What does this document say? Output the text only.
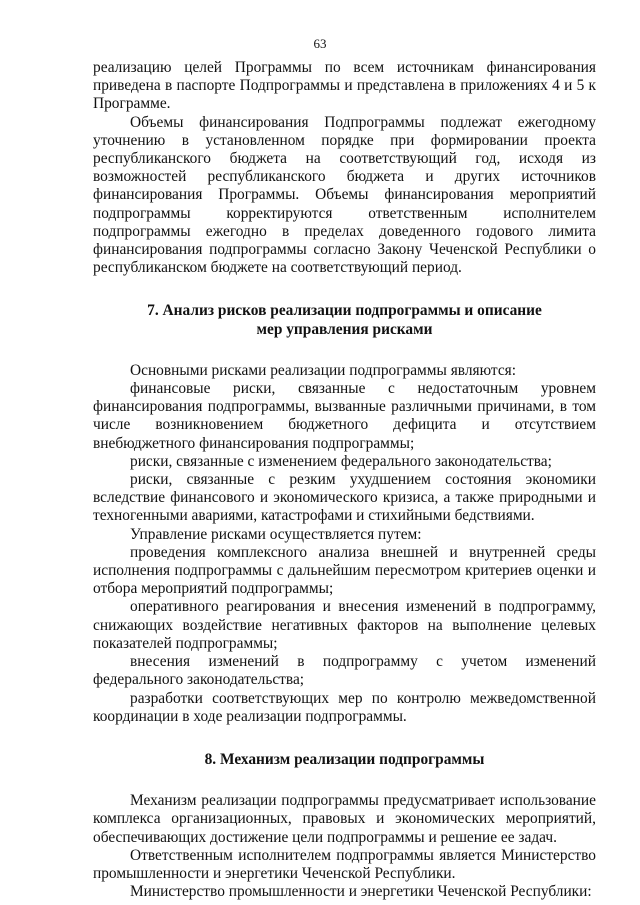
63

реализацию целей Программы по всем источникам финансирования приведена в паспорте Подпрограммы и представлена в приложениях 4 и 5 к Программе.

Объемы финансирования Подпрограммы подлежат ежегодному уточнению в установленном порядке при формировании проекта республиканского бюджета на соответствующий год, исходя из возможностей республиканского бюджета и других источников финансирования Программы. Объемы финансирования мероприятий подпрограммы корректируются ответственным исполнителем подпрограммы ежегодно в пределах доведенного годового лимита финансирования подпрограммы согласно Закону Чеченской Республики о республиканском бюджете на соответствующий период.

7. Анализ рисков реализации подпрограммы и описание
мер управления рисками

Основными рисками реализации подпрограммы являются:

финансовые риски, связанные с недостаточным уровнем финансирования подпрограммы, вызванные различными причинами, в том числе возникновением бюджетного дефицита и отсутствием внебюджетного финансирования подпрограммы;

риски, связанные с изменением федерального законодательства;

риски, связанные с резким ухудшением состояния экономики вследствие финансового и экономического кризиса, а также природными и техногенными авариями, катастрофами и стихийными бедствиями.

Управление рисками осуществляется путем:

проведения комплексного анализа внешней и внутренней среды исполнения подпрограммы с дальнейшим пересмотром критериев оценки и отбора мероприятий подпрограммы;

оперативного реагирования и внесения изменений в подпрограмму, снижающих воздействие негативных факторов на выполнение целевых показателей подпрограммы;

внесения изменений в подпрограмму с учетом изменений федерального законодательства;

разработки соответствующих мер по контролю межведомственной координации в ходе реализации подпрограммы.

8. Механизм реализации подпрограммы

Механизм реализации подпрограммы предусматривает использование комплекса организационных, правовых и экономических мероприятий, обеспечивающих достижение цели подпрограммы и решение ее задач.

Ответственным исполнителем подпрограммы является Министерство промышленности и энергетики Чеченской Республики.

Министерство промышленности и энергетики Чеченской Республики:
